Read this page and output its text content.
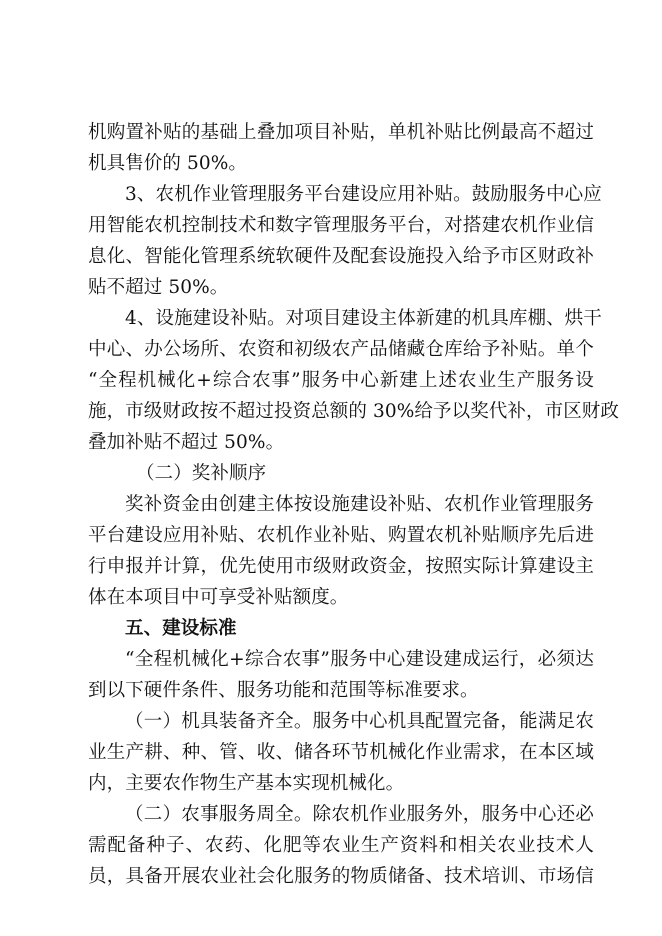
机购置补贴的基础上叠加项目补贴，单机补贴比例最高不超过
机具售价的 50%。
3、农机作业管理服务平台建设应用补贴。鼓励服务中心应
用智能农机控制技术和数字管理服务平台，对搭建农机作业信
息化、智能化管理系统软硬件及配套设施投入给予市区财政补
贴不超过 50%。
4、设施建设补贴。对项目建设主体新建的机具库棚、烘干
中心、办公场所、农资和初级农产品储藏仓库给予补贴。单个
“全程机械化+综合农事”服务中心新建上述农业生产服务设
施，市级财政按不超过投资总额的 30%给予以奖代补，市区财政
叠加补贴不超过 50%。
（二）奖补顺序
奖补资金由创建主体按设施建设补贴、农机作业管理服务
平台建设应用补贴、农机作业补贴、购置农机补贴顺序先后进
行申报并计算，优先使用市级财政资金，按照实际计算建设主
体在本项目中可享受补贴额度。
五、建设标准
“全程机械化+综合农事”服务中心建设建成运行，必须达
到以下硬件条件、服务功能和范围等标准要求。
（一）机具装备齐全。服务中心机具配置完备，能满足农
业生产耕、种、管、收、储各环节机械化作业需求，在本区域
内，主要农作物生产基本实现机械化。
（二）农事服务周全。除农机作业服务外，服务中心还必
需配备种子、农药、化肥等农业生产资料和相关农业技术人
员，具备开展农业社会化服务的物质储备、技术培训、市场信
